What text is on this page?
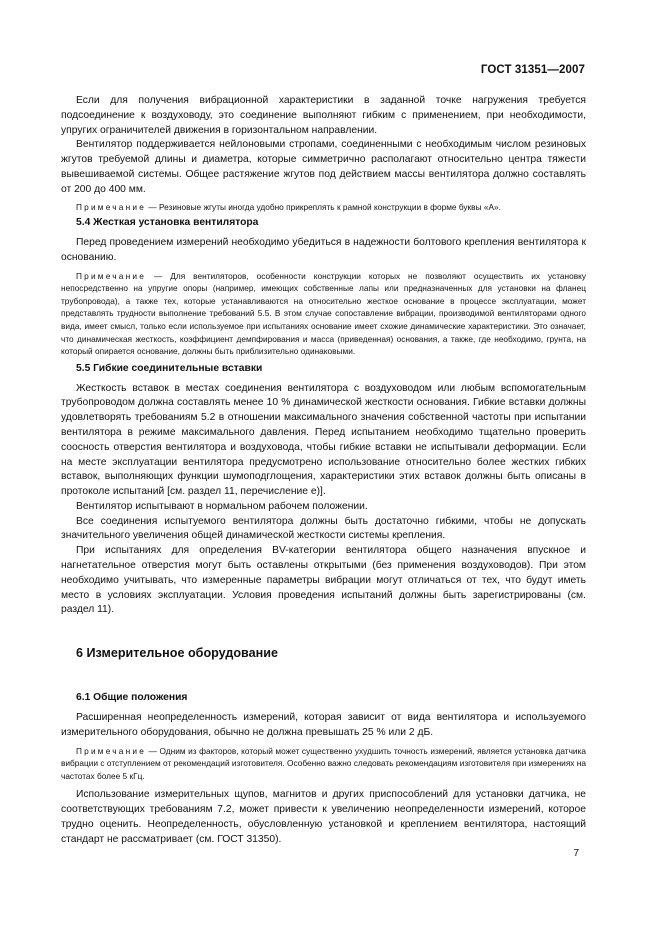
ГОСТ 31351—2007

Если для получения вибрационной характеристики в заданной точке нагружения требуется подсоединение к воздуховоду, это соединение выполняют гибким с применением, при необходимости, упругих ограничителей движения в горизонтальном направлении.

Вентилятор поддерживается нейлоновыми стропами, соединенными с необходимым числом резиновых жгутов требуемой длины и диаметра, которые симметрично располагают относительно центра тяжести вывешиваемой системы. Общее растяжение жгутов под действием массы вентилятора должно составлять от 200 до 400 мм.

Примечание — Резиновые жгуты иногда удобно прикреплять к рамной конструкции в форме буквы «А».

5.4 Жесткая установка вентилятора

Перед проведением измерений необходимо убедиться в надежности болтового крепления вентилятора к основанию.

Примечание — Для вентиляторов, особенности конструкции которых не позволяют осуществить их установку непосредственно на упругие опоры (например, имеющих собственные лапы или предназначенных для установки на фланец трубопровода), а также тех, которые устанавливаются на относительно жесткое основание в процессе эксплуатации, может представлять трудности выполнение требований 5.5. В этом случае сопоставление вибрации, производимой вентиляторами одного вида, имеет смысл, только если используемое при испытаниях основание имеет схожие динамические характеристики. Это означает, что динамическая жесткость, коэффициент демпфирования и масса (приведенная) основания, а также, где необходимо, грунта, на который опирается основание, должны быть приблизительно одинаковыми.

5.5 Гибкие соединительные вставки

Жесткость вставок в местах соединения вентилятора с воздуховодом или любым вспомогательным трубопроводом должна составлять менее 10 % динамической жесткости основания. Гибкие вставки должны удовлетворять требованиям 5.2 в отношении максимального значения собственной частоты при испытании вентилятора в режиме максимального давления. Перед испытанием необходимо тщательно проверить соосность отверстия вентилятора и воздуховода, чтобы гибкие вставки не испытывали деформации. Если на месте эксплуатации вентилятора предусмотрено использование относительно более жестких гибких вставок, выполняющих функции шумоподглощения, характеристики этих вставок должны быть описаны в протоколе испытаний [см. раздел 11, перечисление е)].

Вентилятор испытывают в нормальном рабочем положении.

Все соединения испытуемого вентилятора должны быть достаточно гибкими, чтобы не допускать значительного увеличения общей динамической жесткости системы крепления.

При испытаниях для определения BV-категории вентилятора общего назначения впускное и нагнетательное отверстия могут быть оставлены открытыми (без применения воздуховодов). При этом необходимо учитывать, что измеренные параметры вибрации могут отличаться от тех, что будут иметь место в условиях эксплуатации. Условия проведения испытаний должны быть зарегистрированы (см. раздел 11).

6 Измерительное оборудование
6.1 Общие положения

Расширенная неопределенность измерений, которая зависит от вида вентилятора и используемого измерительного оборудования, обычно не должна превышать 25 % или 2 дБ.

Примечание — Одним из факторов, который может существенно ухудшить точность измерений, является установка датчика вибрации с отступлением от рекомендаций изготовителя. Особенно важно следовать рекомендациям изготовителя при измерениях на частотах более 5 кГц.

Использование измерительных щупов, магнитов и других приспособлений для установки датчика, не соответствующих требованиям 7.2, может привести к увеличению неопределенности измерений, которое трудно оценить. Неопределенность, обусловленную установкой и креплением вентилятора, настоящий стандарт не рассматривает (см. ГОСТ 31350).

7
